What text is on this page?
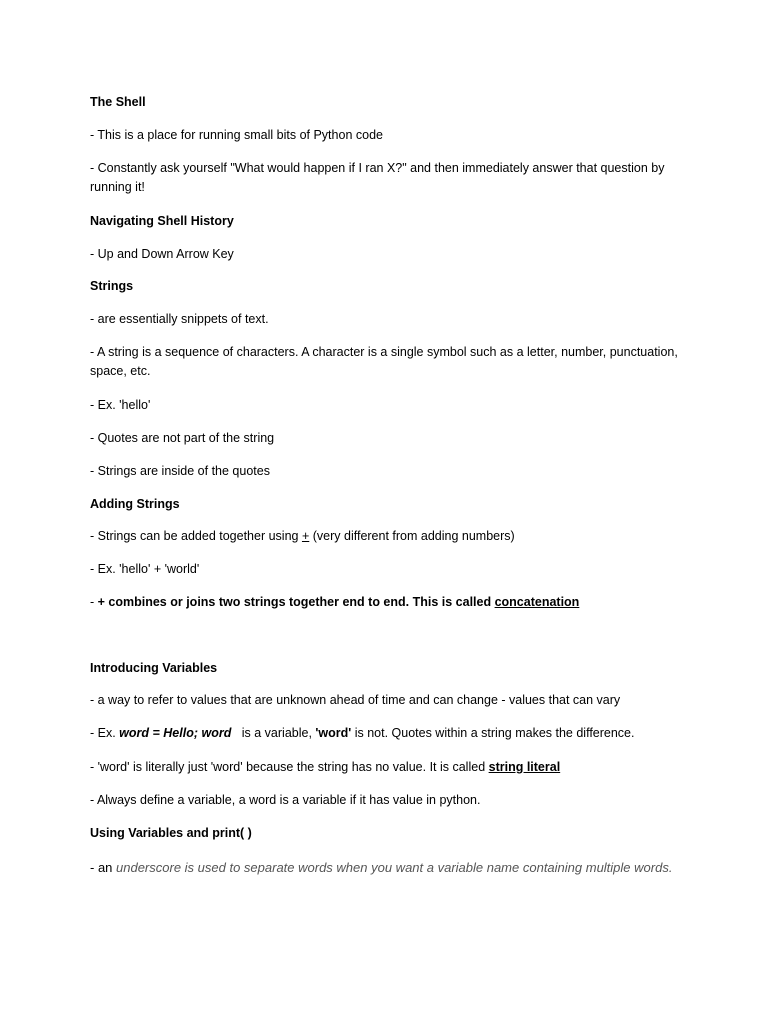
The Shell
- This is a place for running small bits of Python code
- Constantly ask yourself "What would happen if I ran X?" and then immediately answer that question by running it!
Navigating Shell History
- Up and Down Arrow Key
Strings
- are essentially snippets of text.
- A string is a sequence of characters. A character is a single symbol such as a letter, number, punctuation, space, etc.
- Ex. 'hello'
- Quotes are not part of the string
- Strings are inside of the quotes
Adding Strings
- Strings can be added together using + (very different from adding numbers)
- Ex. 'hello' + 'world'
- + combines or joins two strings together end to end. This is called concatenation
Introducing Variables
- a way to refer to values that are unknown ahead of time and can change - values that can vary
- Ex. word = Hello; word   is a variable, 'word' is not. Quotes within a string makes the difference.
- 'word' is literally just 'word' because the string has no value. It is called string literal
- Always define a variable, a word is a variable if it has value in python.
Using Variables and print( )
- an underscore is used to separate words when you want a variable name containing multiple words.
